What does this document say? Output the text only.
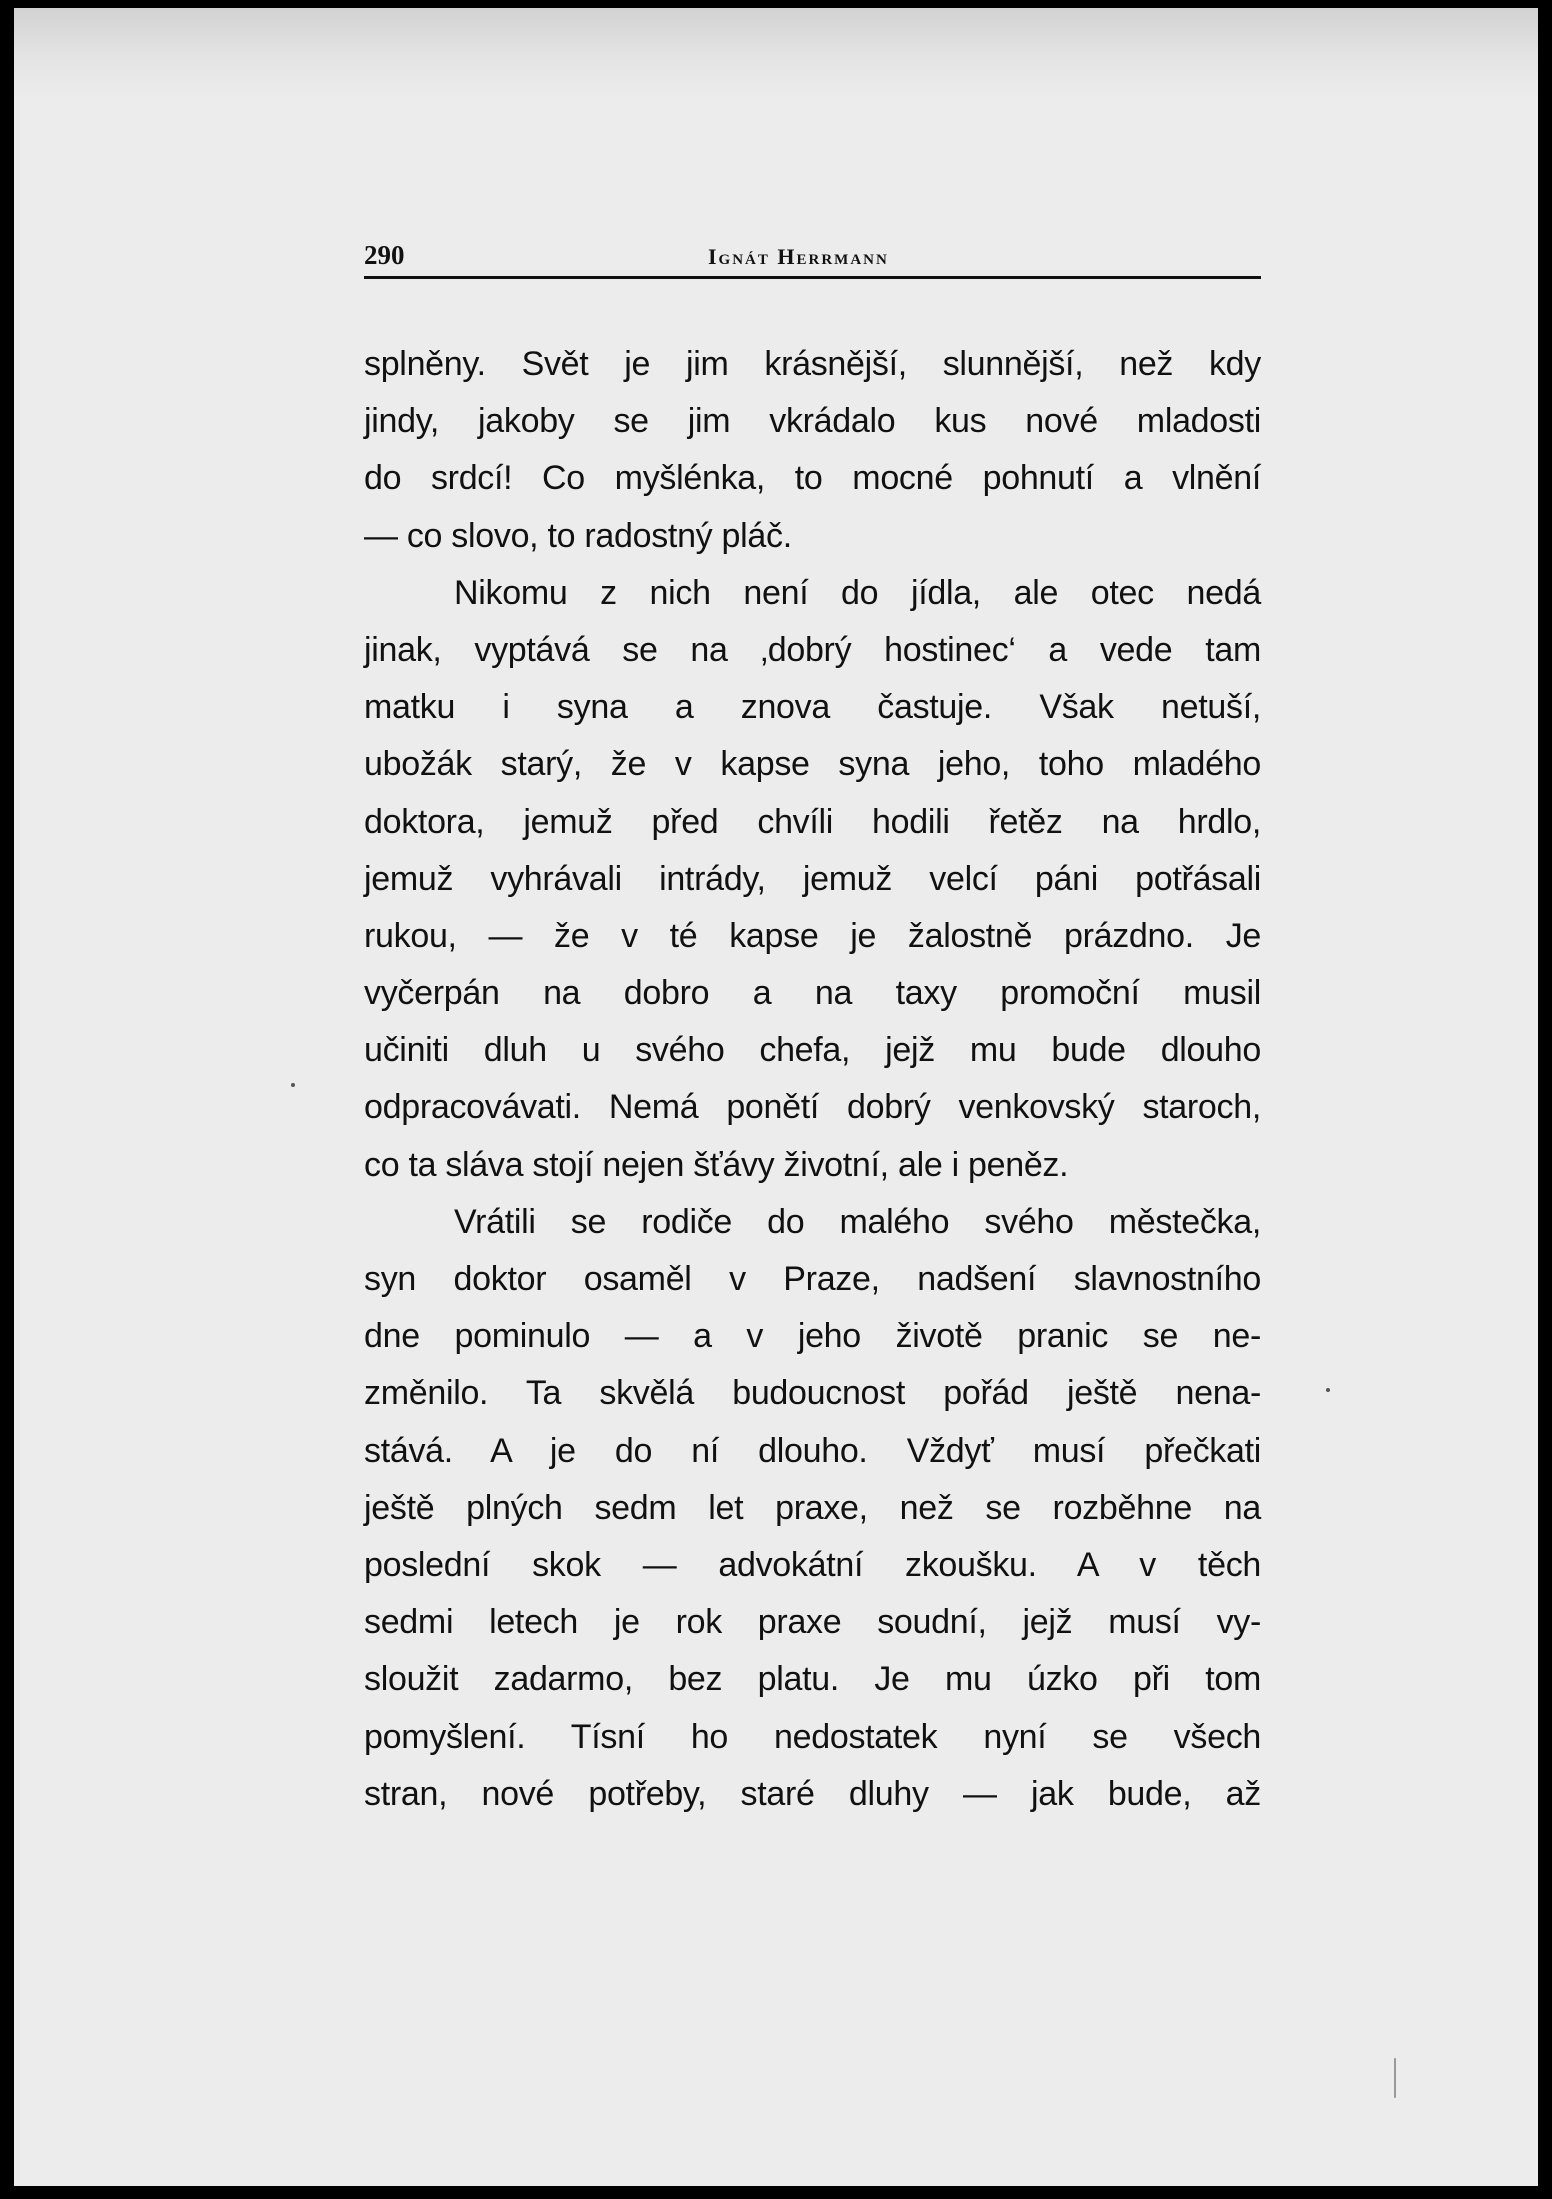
290	Ignát Herrmann
splněny. Svět je jim krásnější, slunnější, než kdy
jindy, jakoby se jim vkrádalo kus nové mladosti
do srdcí! Co myšlénka, to mocné pohnutí a vlnění
— co slovo, to radostný pláč.
Nikomu z nich není do jídla, ale otec nedá
jinak, vyptává se na ‚dobrý hostinec‘ a vede tam
matku i syna a znova častuje. Však netuší,
ubožák starý, že v kapse syna jeho, toho mladého
doktora, jemuž před chvíli hodili řetěz na hrdlo,
jemuž vyhrávali intrády, jemuž velcí páni potřásali
rukou, — že v té kapse je žalostně prázdno. Je
vyčerpán na dobro a na taxy promoční musil
učiniti dluh u svého chefa, jejž mu bude dlouho
odpracovávati. Nemá ponětí dobrý venkovský staroch,
co ta sláva stojí nejen šťávy životní, ale i peněz.
Vrátili se rodiče do malého svého městečka,
syn doktor osaměl v Praze, nadšení slavnostního
dne pominulo — a v jeho životě pranic se ne-
změnilo. Ta skvělá budoucnost pořád ještě nena-
stává. A je do ní dlouho. Vždyť musí přečkati
ještě plných sedm let praxe, než se rozběhne na
poslední skok — advokátní zkoušku. A v těch
sedmi letech je rok praxe soudní, jejž musí vy-
sloužit zadarmo, bez platu. Je mu úzko při tom
pomyšlení. Tísní ho nedostatek nyní se všech
stran, nové potřeby, staré dluhy — jak bude, až
